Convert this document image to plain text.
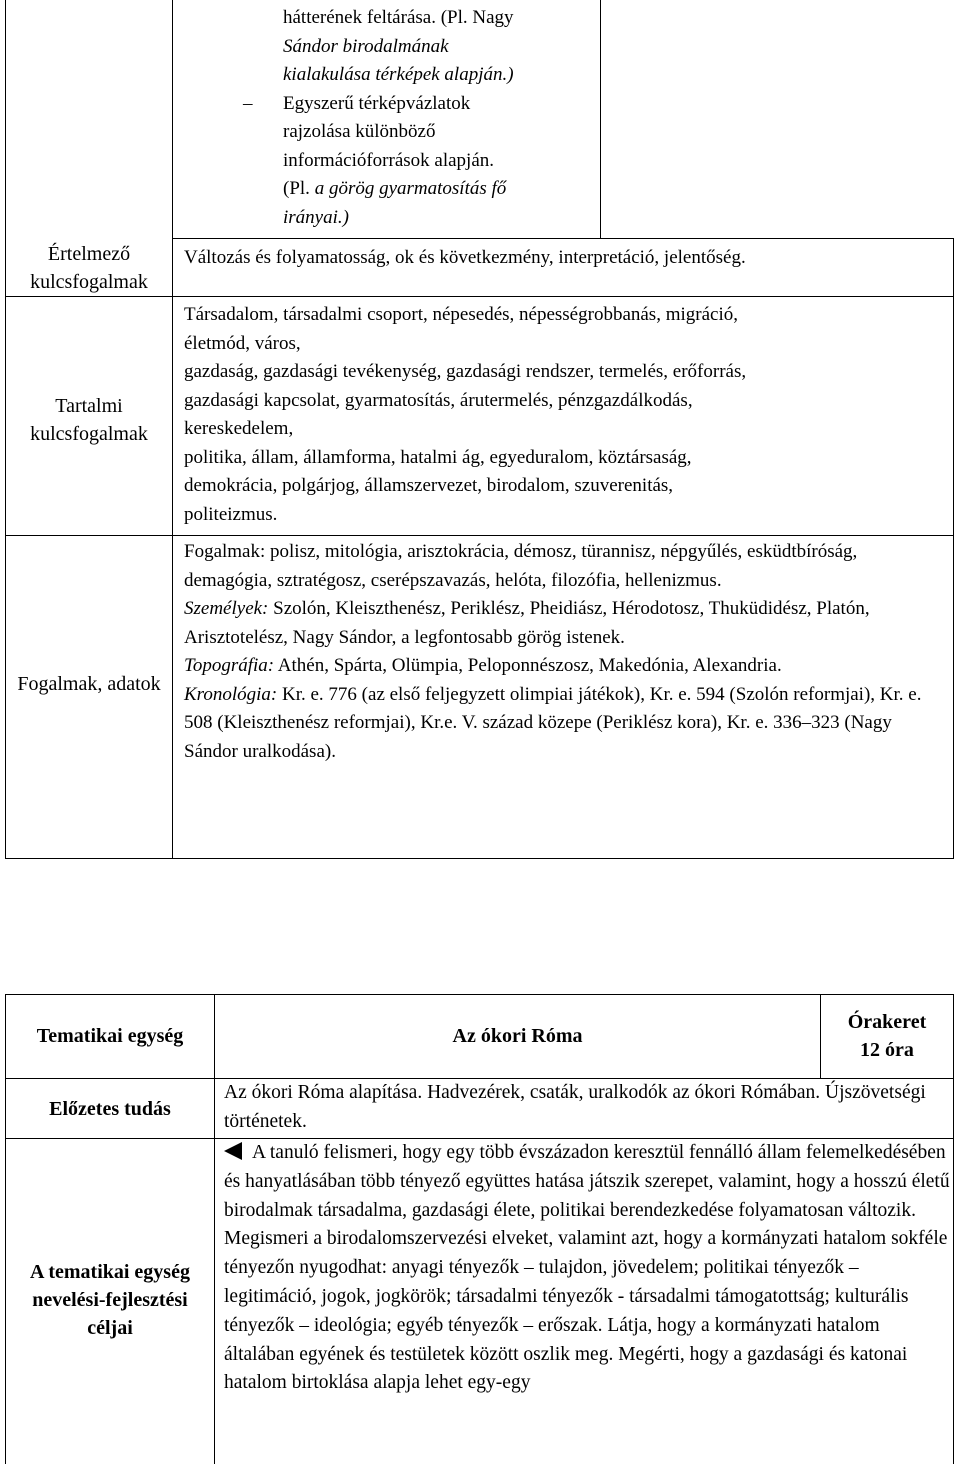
hátterének feltárása. (Pl. Nagy

Sándor birodalmának

kialakulása térképek alapján.)

– Egyszerű térképvázlatok

rajzolása különböző

információforrások alapján.

(Pl. a görög gyarmatosítás fő

irányai.)

Értelmező kulcsfogalmak
Változás és folyamatosság, ok és következmény, interpretáció, jelentőség.
Tartalmi kulcsfogalmak

Társadalom, társadalmi csoport, népesedés, népességrobbanás, migráció,

életmód, város,

gazdaság, gazdasági tevékenység, gazdasági rendszer, termelés, erőforrás,

gazdasági kapcsolat, gyarmatosítás, árutermelés, pénzgazdálkodás,

kereskedelem,

politika, állam, államforma, hatalmi ág, egyeduralom, köztársaság,

demokrácia, polgárjog, államszervezet, birodalom, szuverenitás,

politeizmus.

Fogalmak, adatok

Fogalmak: polisz, mitológia, arisztokrácia, démosz, türannisz, népgyűlés, esküdtbíróság, demagógia, sztratégosz, cserépszavazás, helóta, filozófia, hellenizmus.

Személyek: Szolón, Kleiszthenész, Periklész, Pheidiász, Hérodotosz, Thuküdidész, Platón, Arisztotelész, Nagy Sándor, a legfontosabb görög istenek.

Topográfia: Athén, Spárta, Olümpia, Peloponnészosz, Makedónia, Alexandria.

Kronológia: Kr. e. 776 (az első feljegyzett olimpiai játékok), Kr. e. 594 (Szolón reformjai), Kr. e. 508 (Kleiszthenész reformjai), Kr.e. V. század közepe (Periklész kora), Kr. e. 336–323 (Nagy Sándor uralkodása).

Tematikai egység	Az ókori Róma

Órakeret

12 óra

Előzetes tudás
Az ókori Róma alapítása. Hadvezérek, csaták, uralkodók az ókori Rómában. Újszövetségi történetek.
A tematikai egység nevelési-fejlesztési céljai
A tanuló felismeri, hogy egy több évszázadon keresztül fennálló állam felemelkedésében és hanyatlásában több tényező együttes hatása játszik szerepet, valamint, hogy a hosszú életű birodalmak társadalma, gazdasági élete, politikai berendezkedése folyamatosan változik. Megismeri a birodalomszervezési elveket, valamint azt, hogy a kormányzati hatalom sokféle tényezőn nyugodhat: anyagi tényezők – tulajdon, jövedelem; politikai tényezők – legitimáció, jogok, jogkörök; társadalmi tényezők - társadalmi támogatottság; kulturális tényezők – ideológia; egyéb tényezők – erőszak. Látja, hogy a kormányzati hatalom általában egyének és testületek között oszlik meg. Megérti, hogy a gazdasági és katonai hatalom birtoklása alapja lehet egy-egy
